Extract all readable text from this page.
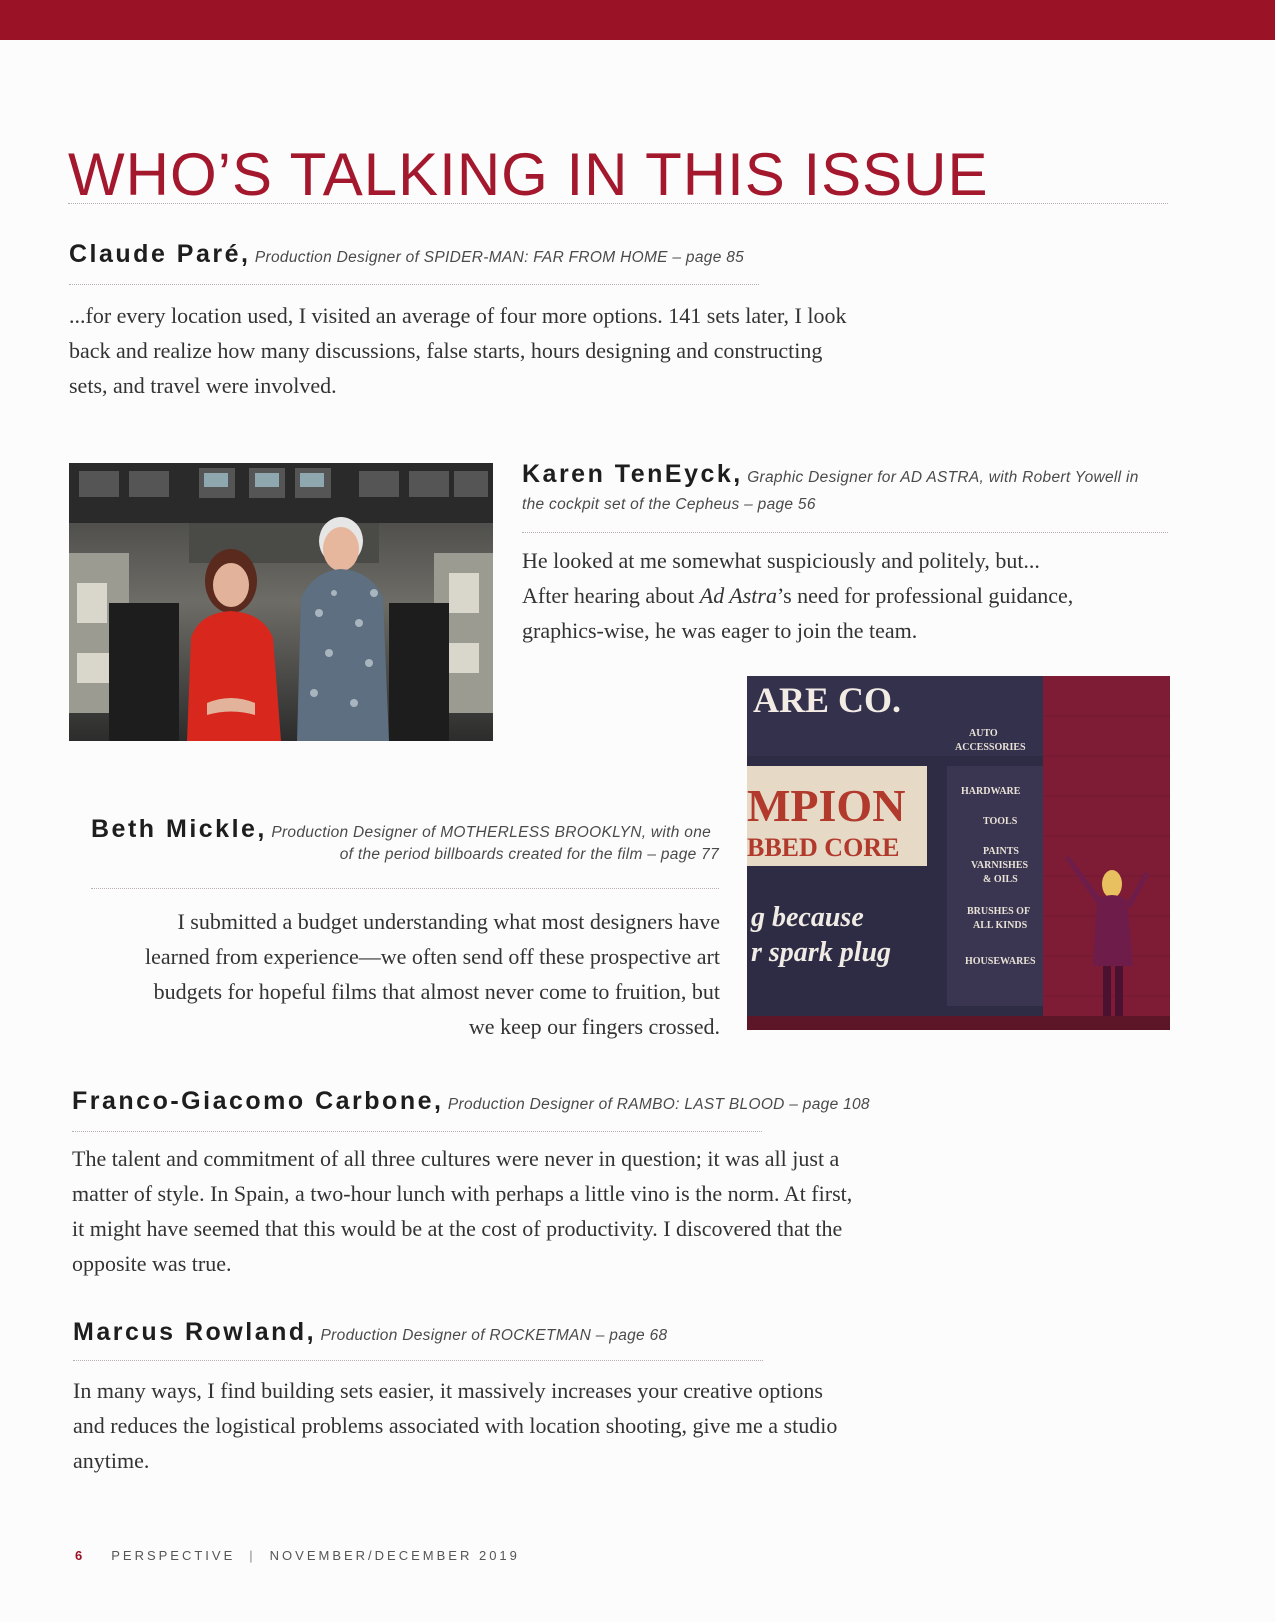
WHO’S TALKING IN THIS ISSUE
Claude Paré, Production Designer of SPIDER-MAN: FAR FROM HOME – page 85
...for every location used, I visited an average of four more options. 141 sets later, I look
back and realize how many discussions, false starts, hours designing and constructing
sets, and travel were involved.
Karen TenEyck, Graphic Designer for AD ASTRA, with Robert Yowell in
the cockpit set of the Cepheus – page 56
He looked at me somewhat suspiciously and politely, but...
After hearing about Ad Astra’s need for professional guidance,
graphics-wise, he was eager to join the team.
ARE CO.
AUTO
ACCESSORIES
MPION
BBED CORE
g because
r spark plug
HARDWARE
TOOLS
PAINTS
VARNISHES
& OILS
BRUSHES OF
ALL KINDS
HOUSEWARES
Beth Mickle, Production Designer of MOTHERLESS BROOKLYN, with one
of the period billboards created for the film – page 77
I submitted a budget understanding what most designers have
learned from experience—we often send off these prospective art
budgets for hopeful films that almost never come to fruition, but
we keep our fingers crossed.
Franco-Giacomo Carbone, Production Designer of RAMBO: LAST BLOOD – page 108
The talent and commitment of all three cultures were never in question; it was all just a
matter of style. In Spain, a two-hour lunch with perhaps a little vino is the norm. At first,
it might have seemed that this would be at the cost of productivity. I discovered that the
opposite was true.
Marcus Rowland, Production Designer of ROCKETMAN – page 68
In many ways, I find building sets easier, it massively increases your creative options
and reduces the logistical problems associated with location shooting, give me a studio
anytime.
6 PERSPECTIVE | NOVEMBER/DECEMBER 2019
